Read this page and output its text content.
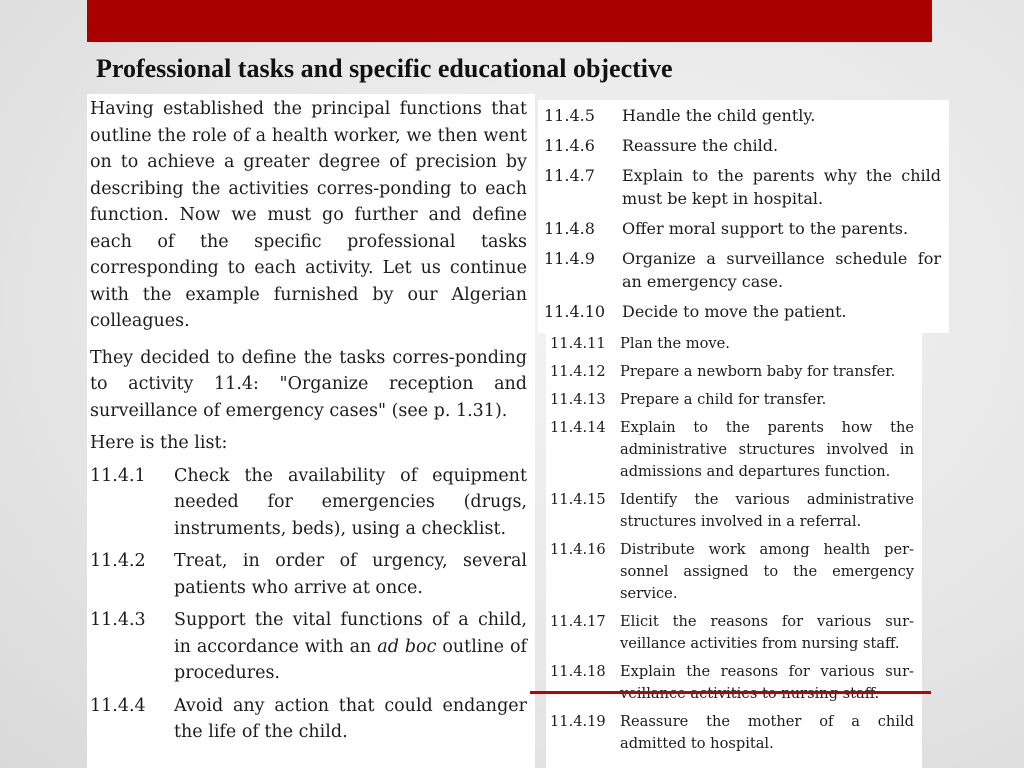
Professional tasks and specific educational objective

Having established the principal functions that outline the role of a health worker, we then went on to achieve a greater degree of precision by describing the activities corres-ponding to each function. Now we must go further and define each of the specific professional tasks corresponding to each activity. Let us continue with the example furnished by our Algerian colleagues.

They decided to define the tasks corres-ponding to activity 11.4: "Organize reception and surveillance of emergency cases" (see p. 1.31).

Here is the list:

11.4.1	Check the availability of equipment needed for emergencies (drugs, instruments, beds), using a checklist.
11.4.2	Treat, in order of urgency, several patients who arrive at once.
11.4.3	Support the vital functions of a child, in accordance with an ad boc outline of procedures.
11.4.4	Avoid any action that could endanger the life of the child.
11.4.5	Handle the child gently.
11.4.6	Reassure the child.
11.4.7	Explain to the parents why the child must be kept in hospital.
11.4.8	Offer moral support to the parents.
11.4.9	Organize a surveillance schedule for an emergency case.
11.4.10	Decide to move the patient.
11.4.11 Plan the move.
11.4.12 Prepare a newborn baby for transfer.
11.4.13 Prepare a child for transfer.
11.4.14 Explain to the parents how the administrative structures involved in admissions and departures function.
11.4.15 Identify the various administrative structures involved in a referral.
11.4.16 Distribute work among health per-sonnel assigned to the emergency service.
11.4.17 Elicit the reasons for various sur-veillance activities from nursing staff.
11.4.18 Explain the reasons for various sur-
11.4.19 Reassure the mother of a child admitted to hospital.
